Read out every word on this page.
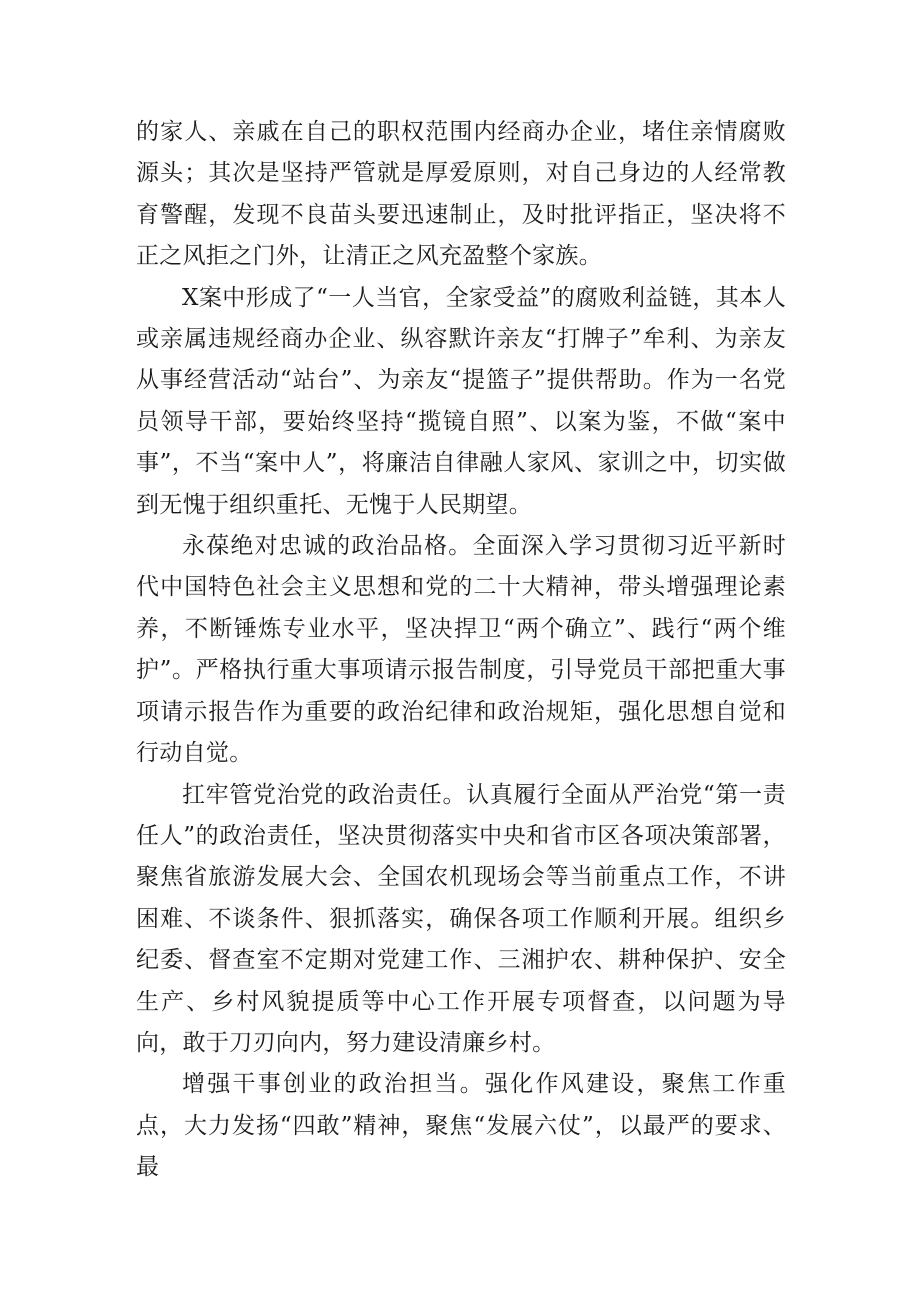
的家人、亲戚在自己的职权范围内经商办企业，堵住亲情腐败源头；其次是坚持严管就是厚爱原则，对自己身边的人经常教育警醒，发现不良苗头要迅速制止，及时批评指正，坚决将不正之风拒之门外，让清正之风充盈整个家族。

X案中形成了“一人当官，全家受益”的腐败利益链，其本人或亲属违规经商办企业、纵容默许亲友“打牌子”牟利、为亲友从事经营活动“站台”、为亲友“提篮子”提供帮助。作为一名党员领导干部，要始终坚持“揽镜自照”、以案为鉴，不做“案中事”，不当“案中人”，将廉洁自律融人家风、家训之中，切实做到无愧于组织重托、无愧于人民期望。

永葆绝对忠诚的政治品格。全面深入学习贯彻习近平新时代中国特色社会主义思想和党的二十大精神，带头增强理论素养，不断锤炼专业水平，坚决捍卫“两个确立”、践行“两个维护”。严格执行重大事项请示报告制度，引导党员干部把重大事项请示报告作为重要的政治纪律和政治规矩，强化思想自觉和行动自觉。

扛牢管党治党的政治责任。认真履行全面从严治党“第一责任人”的政治责任，坚决贯彻落实中央和省市区各项决策部署，聚焦省旅游发展大会、全国农机现场会等当前重点工作，不讲困难、不谈条件、狠抓落实，确保各项工作顺利开展。组织乡纪委、督查室不定期对党建工作、三湘护农、耕种保护、安全生产、乡村风貌提质等中心工作开展专项督查，以问题为导向，敢于刀刃向内，努力建设清廉乡村。

增强干事创业的政治担当。强化作风建设，聚焦工作重点，大力发扬“四敢”精神，聚焦“发展六仗”，以最严的要求、最
